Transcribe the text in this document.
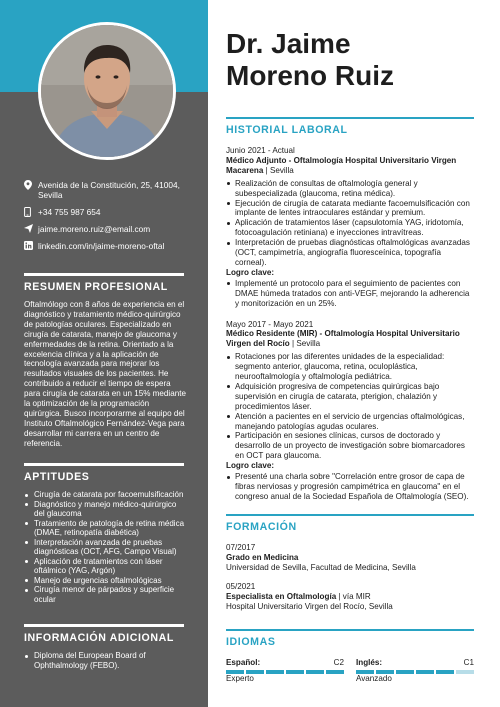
Avenida de la Constitución, 25, 41004, Sevilla
+34 755 987 654
jaime.moreno.ruiz@email.com
linkedin.com/in/jaime-moreno-oftal
RESUMEN PROFESIONAL
Oftalmólogo con 8 años de experiencia en el diagnóstico y tratamiento médico-quirúrgico de patologías oculares. Especializado en cirugía de catarata, manejo de glaucoma y enfermedades de la retina. Orientado a la excelencia clínica y a la aplicación de tecnología avanzada para mejorar los resultados visuales de los pacientes. He contribuido a reducir el tiempo de espera para cirugía de catarata en un 15% mediante la optimización de la programación quirúrgica. Busco incorporarme al equipo del Instituto Oftalmológico Fernández-Vega para desarrollar mi carrera en un centro de referencia.
APTITUDES
Cirugía de catarata por facoemulsificación
Diagnóstico y manejo médico-quirúrgico del glaucoma
Tratamiento de patología de retina médica (DMAE, retinopatía diabética)
Interpretación avanzada de pruebas diagnósticas (OCT, AFG, Campo Visual)
Aplicación de tratamientos con láser oftálmico (YAG, Argón)
Manejo de urgencias oftalmológicas
Cirugía menor de párpados y superficie ocular
INFORMACIÓN ADICIONAL
Diploma del European Board of Ophthalmology (FEBO).
Dr. Jaime
Moreno Ruiz
HISTORIAL LABORAL
Junio 2021 - Actual
Médico Adjunto - Oftalmología Hospital Universitario Virgen Macarena | Sevilla
Realización de consultas de oftalmología general y subespecializada (glaucoma, retina médica).
Ejecución de cirugía de catarata mediante facoemulsificación con implante de lentes intraoculares estándar y premium.
Aplicación de tratamientos láser (capsulotomía YAG, iridotomía, fotocoagulación retiniana) e inyecciones intravítreas.
Interpretación de pruebas diagnósticas oftalmológicas avanzadas (OCT, campimetría, angiografía fluoresceínica, topografía corneal).
Logro clave:
Implementé un protocolo para el seguimiento de pacientes con DMAE húmeda tratados con anti-VEGF, mejorando la adherencia y monitorización en un 25%.
Mayo 2017 - Mayo 2021
Médico Residente (MIR) - Oftalmología Hospital Universitario Virgen del Rocío | Sevilla
Rotaciones por las diferentes unidades de la especialidad: segmento anterior, glaucoma, retina, oculoplástica, neurooftalmología y oftalmología pediátrica.
Adquisición progresiva de competencias quirúrgicas bajo supervisión en cirugía de catarata, pterigion, chalazión y procedimientos láser.
Atención a pacientes en el servicio de urgencias oftalmológicas, manejando patologías agudas oculares.
Participación en sesiones clínicas, cursos de doctorado y desarrollo de un proyecto de investigación sobre biomarcadores en OCT para glaucoma.
Logro clave:
Presenté una charla sobre "Correlación entre grosor de capa de fibras nerviosas y progresión campimétrica en glaucoma" en el congreso anual de la Sociedad Española de Oftalmología (SEO).
FORMACIÓN
07/2017
Grado en Medicina
Universidad de Sevilla, Facultad de Medicina, Sevilla
05/2021
Especialista en Oftalmología | vía MIR
Hospital Universitario Virgen del Rocío, Sevilla
IDIOMAS
Español:	C2
Experto
Inglés:	C1
Avanzado
